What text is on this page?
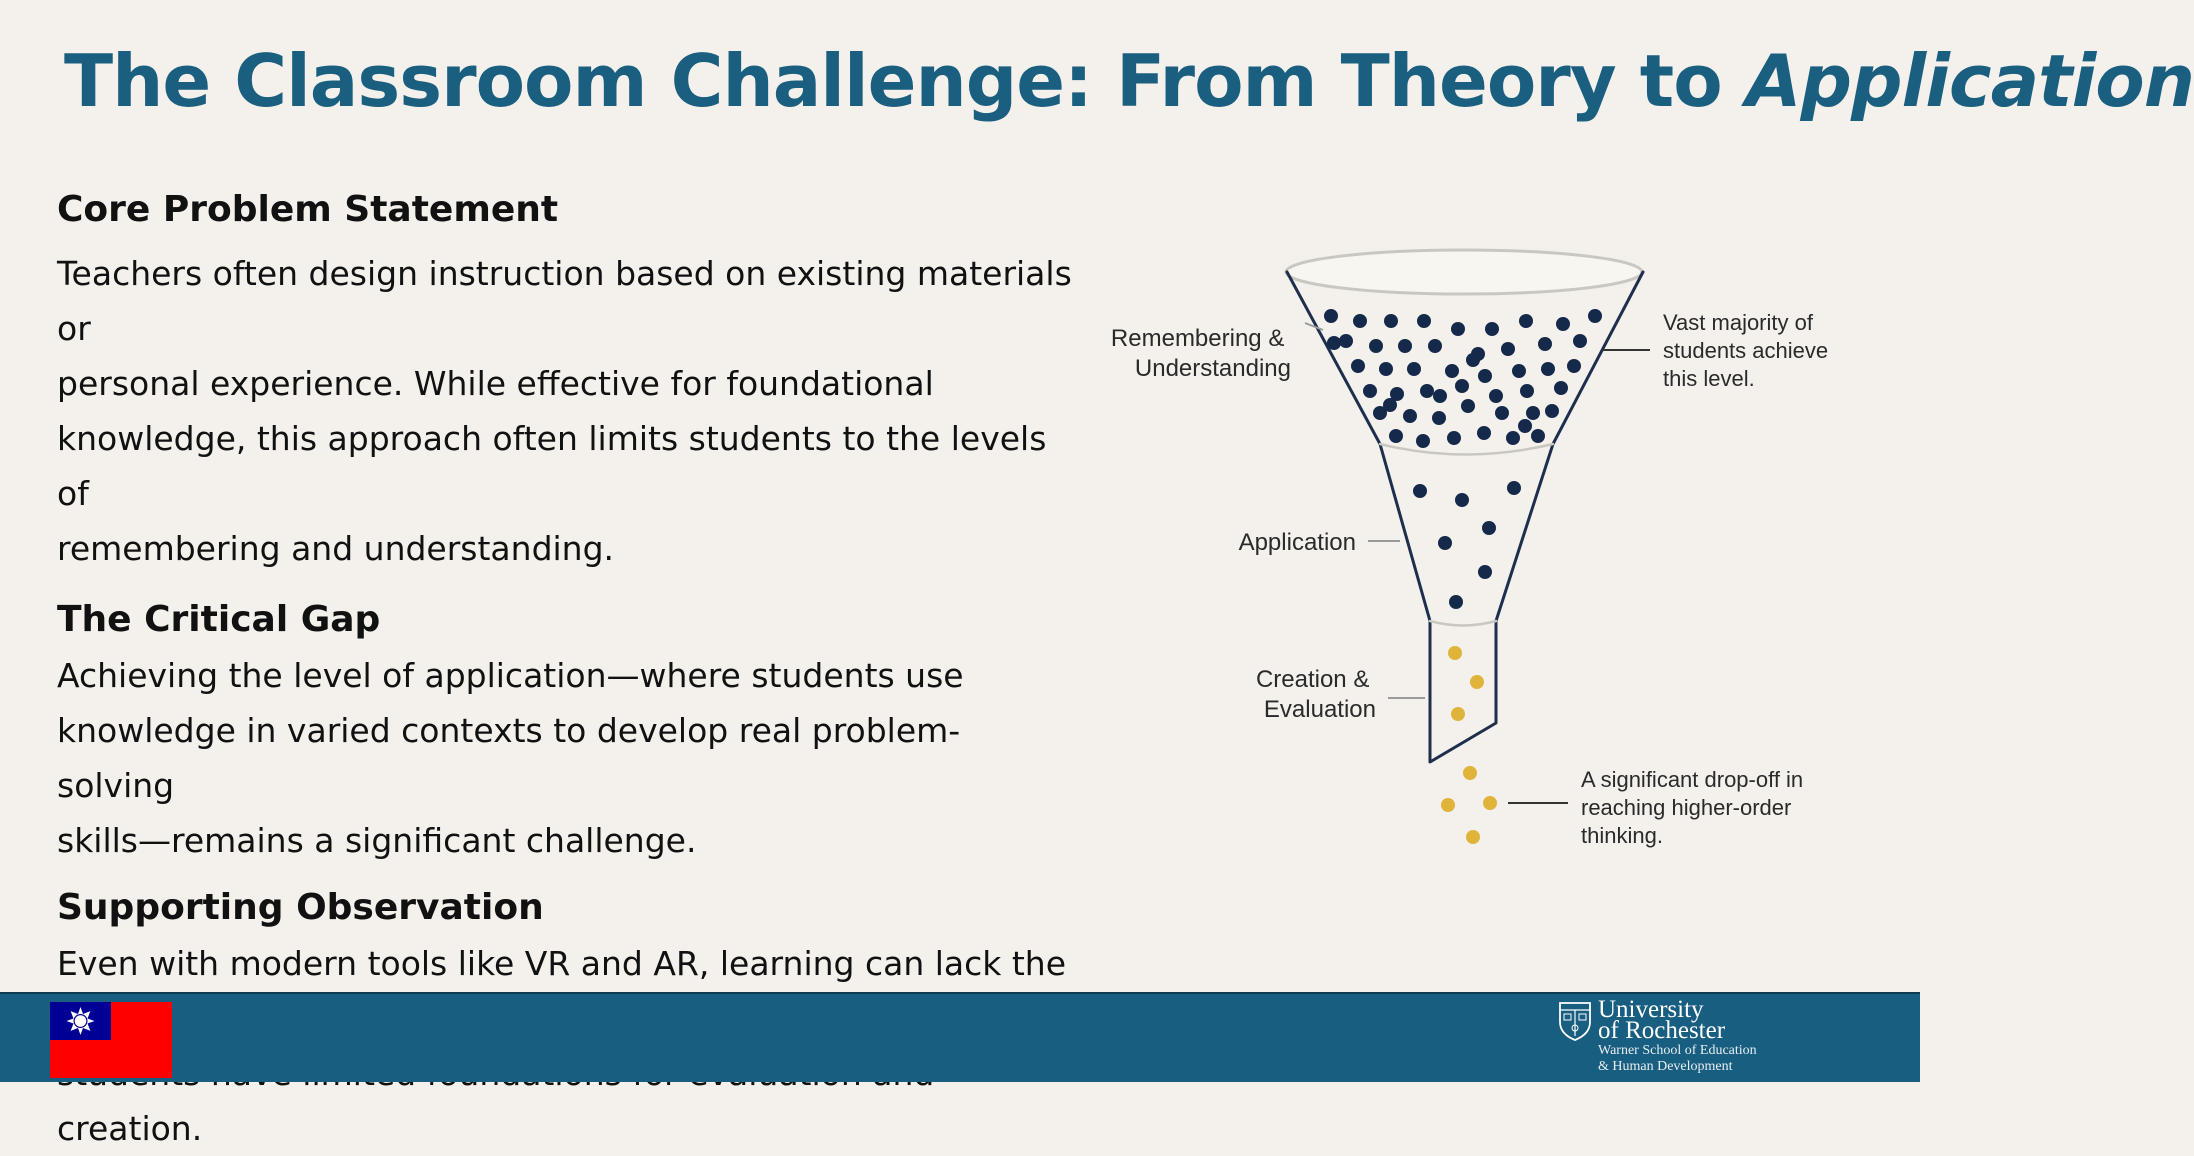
The Classroom Challenge: From Theory to Application
Core Problem Statement

Teachers often design instruction based on existing materials or

personal experience. While effective for foundational

knowledge, this approach often limits students to the levels of

remembering and understanding.

The Critical Gap

Achieving the level of application—where students use

knowledge in varied contexts to develop real problem- solving

skills—remains a significant challenge.

Supporting Observation

Even with modern tools like VR and AR, learning can lack the

creation.

Remembering & Understanding
Application
Creation & Evaluation
Vast majority of students achieve this level.
A significant drop-off in reaching higher-order thinking.
University
of Rochester
Warner School of Education
& Human Development
